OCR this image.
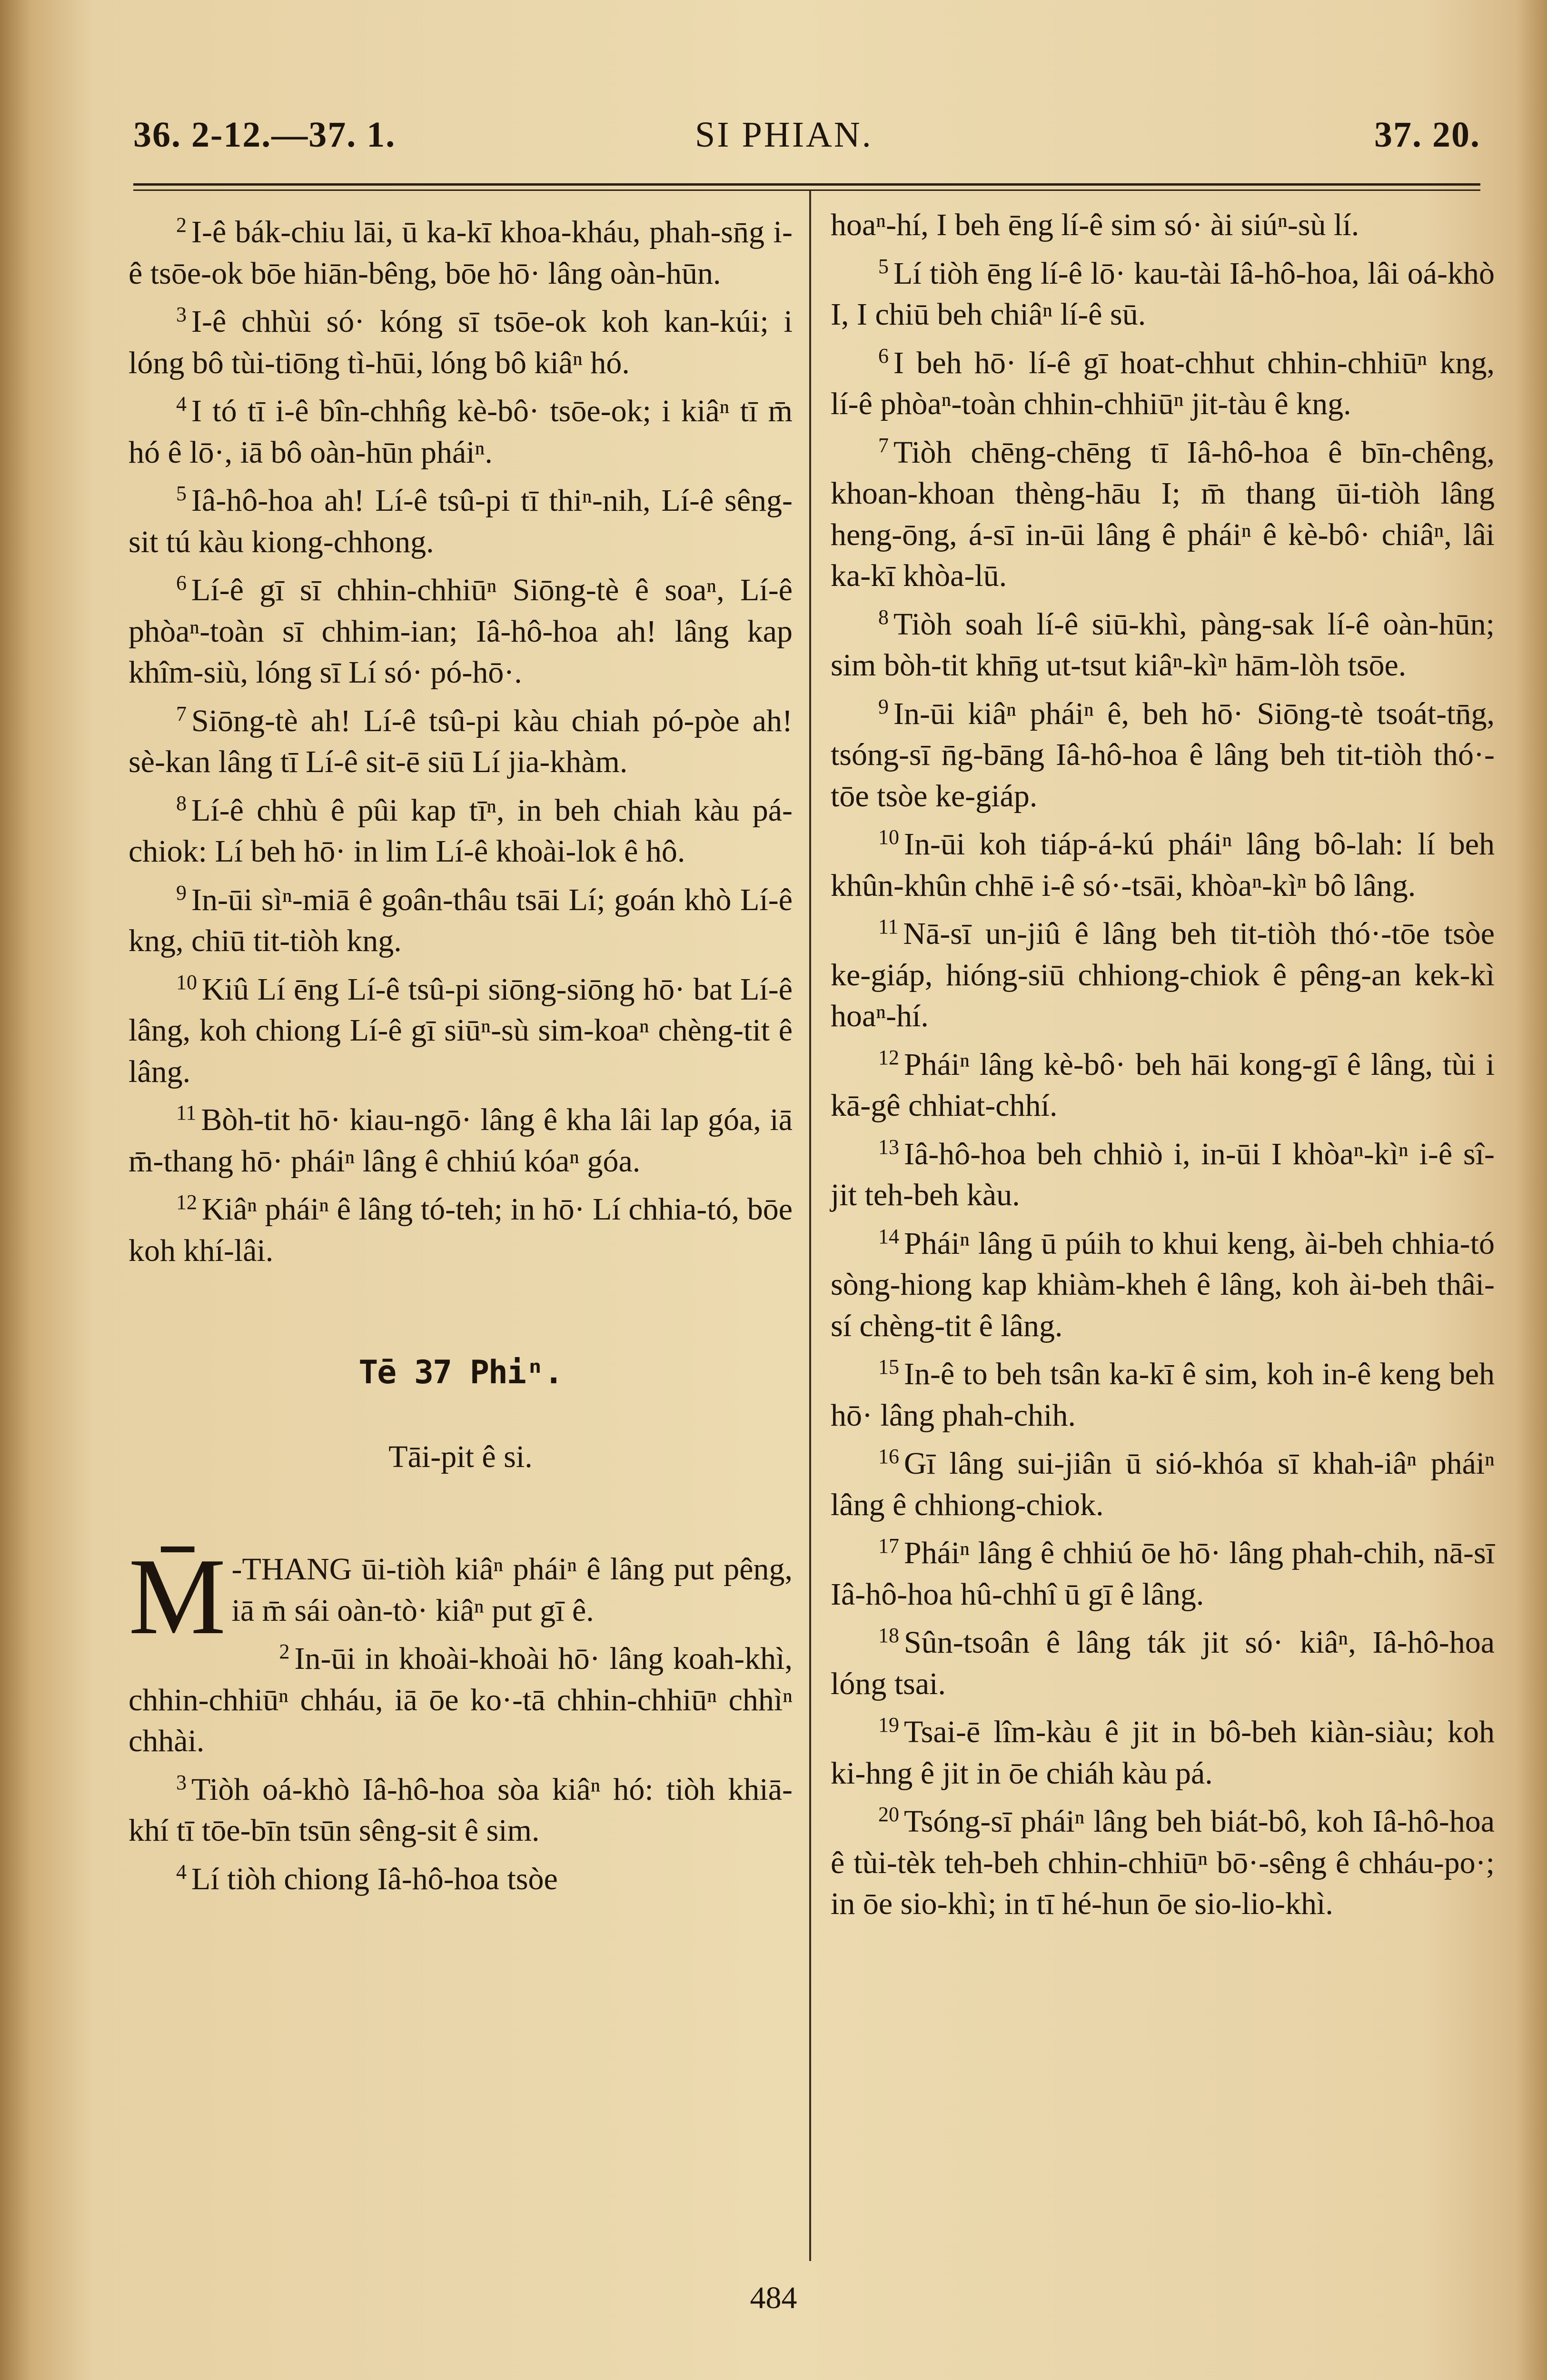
36. 2-12.—37. 1.	SI PHIAN.	37. 20.

$^2$ I-ê bák-chiu lāi, ū ka-kī khoa-kháu, phah-sn̄g i-ê tsōe-ok bōe hiān-bêng, bōe hō· lâng oàn-hūn.

$^3$ I-ê chhùi só· kóng sī tsōe-ok koh kan-kúi; i lóng bô tùi-tiōng tì-hūi, lóng bô kiâⁿ hó.

$^4$ I tó tī i-ê bîn-chhn̂g kè-bô· tsōe-ok; i kiâⁿ tī m̄ hó ê lō·, iā bô oàn-hūn pháiⁿ.

$^5$ Iâ-hô-hoa ah! Lí-ê tsû-pi tī thiⁿ-nih, Lí-ê sêng-sit tú kàu kiong-chhong.

$^6$ Lí-ê gī sī chhin-chhiūⁿ Siōng-tè ê soaⁿ, Lí-ê phòaⁿ-toàn sī chhim-ian; Iâ-hô-hoa ah! lâng kap khîm-siù, lóng sī Lí só· pó-hō·.

$^7$ Siōng-tè ah! Lí-ê tsû-pi kàu chiah pó-pòe ah! sè-kan lâng tī Lí-ê sit-ē siū Lí jia-khàm.

$^8$ Lí-ê chhù ê pûi kap tīⁿ, in beh chiah kàu pá-chiok: Lí beh hō· in lim Lí-ê khoài-lok ê hô.

$^9$ In-ūi sìⁿ-miā ê goân-thâu tsāi Lí; goán khò Lí-ê kng, chiū tit-tiòh kng.

$^{10}$ Kiû Lí ēng Lí-ê tsû-pi siōng-siōng hō· bat Lí-ê lâng, koh chiong Lí-ê gī siūⁿ-sù sim-koaⁿ chèng-tit ê lâng.

$^{11}$ Bòh-tit hō· kiau-ngō· lâng ê kha lâi lap góa, iā m̄-thang hō· pháiⁿ lâng ê chhiú kóaⁿ góa.

$^{12}$ Kiâⁿ pháiⁿ ê lâng tó-teh; in hō· Lí chhia-tó, bōe koh khí-lâi.

Tē 37 Phiⁿ.
Tāi-pit ê si.

M̄ -THANG ūi-tiòh kiâⁿ pháiⁿ ê lâng put pêng, iā m̄ sái oàn-tò· kiâⁿ put gī ê.

$^2$ In-ūi in khoài-khoài hō· lâng koah-khì, chhin-chhiūⁿ chháu, iā ōe ko·-tā chhin-chhiūⁿ chhìⁿ chhài.

$^3$ Tiòh oá-khò Iâ-hô-hoa sòa kiâⁿ hó: tiòh khiā-khí tī tōe-bīn tsūn sêng-sit ê sim.

$^4$ Lí tiòh chiong Iâ-hô-hoa tsòe

hoaⁿ-hí, I beh ēng lí-ê sim só· ài siúⁿ-sù lí.

$^5$ Lí tiòh ēng lí-ê lō· kau-tài Iâ-hô-hoa, lâi oá-khò I, I chiū beh chiâⁿ lí-ê sū.

$^6$ I beh hō· lí-ê gī hoat-chhut chhin-chhiūⁿ kng, lí-ê phòaⁿ-toàn chhin-chhiūⁿ jit-tàu ê kng.

$^7$ Tiòh chēng-chēng tī Iâ-hô-hoa ê bīn-chêng, khoan-khoan thèng-hāu I; m̄ thang ūi-tiòh lâng heng-ōng, á-sī in-ūi lâng ê pháiⁿ ê kè-bô· chiâⁿ, lâi ka-kī khòa-lū.

$^8$ Tiòh soah lí-ê siū-khì, pàng-sak lí-ê oàn-hūn; sim bòh-tit khn̄g ut-tsut kiâⁿ-kìⁿ hām-lòh tsōe.

$^9$ In-ūi kiâⁿ pháiⁿ ê, beh hō· Siōng-tè tsoát-tn̄g, tsóng-sī n̄g-bāng Iâ-hô-hoa ê lâng beh tit-tiòh thó·-tōe tsòe ke-giáp.

$^{10}$ In-ūi koh tiáp-á-kú pháiⁿ lâng bô-lah: lí beh khûn-khûn chhē i-ê só·-tsāi, khòaⁿ-kìⁿ bô lâng.

$^{11}$ Nā-sī un-jiû ê lâng beh tit-tiòh thó·-tōe tsòe ke-giáp, hióng-siū chhiong-chiok ê pêng-an kek-kì hoaⁿ-hí.

$^{12}$ Pháiⁿ lâng kè-bô· beh hāi kong-gī ê lâng, tùi i kā-gê chhiat-chhí.

$^{13}$ Iâ-hô-hoa beh chhiò i, in-ūi I khòaⁿ-kìⁿ i-ê sî-jit teh-beh kàu.

$^{14}$ Pháiⁿ lâng ū púih to khui keng, ài-beh chhia-tó sòng-hiong kap khiàm-kheh ê lâng, koh ài-beh thâi-sí chèng-tit ê lâng.

$^{15}$ In-ê to beh tsân ka-kī ê sim, koh in-ê keng beh hō· lâng phah-chih.

$^{16}$ Gī lâng sui-jiân ū sió-khóa sī khah-iâⁿ pháiⁿ lâng ê chhiong-chiok.

$^{17}$ Pháiⁿ lâng ê chhiú ōe hō· lâng phah-chih, nā-sī Iâ-hô-hoa hû-chhî ū gī ê lâng.

$^{18}$ Sûn-tsoân ê lâng ták jit só· kiâⁿ, Iâ-hô-hoa lóng tsai.

$^{19}$ Tsai-ē lîm-kàu ê jit in bô-beh kiàn-siàu; koh ki-hng ê jit in ōe chiáh kàu pá.

$^{20}$ Tsóng-sī pháiⁿ lâng beh biát-bô, koh Iâ-hô-hoa ê tùi-tèk teh-beh chhin-chhiūⁿ bō·-sêng ê chháu-po·; in ōe sio-khì; in tī hé-hun ōe sio-lio-khì.

484
